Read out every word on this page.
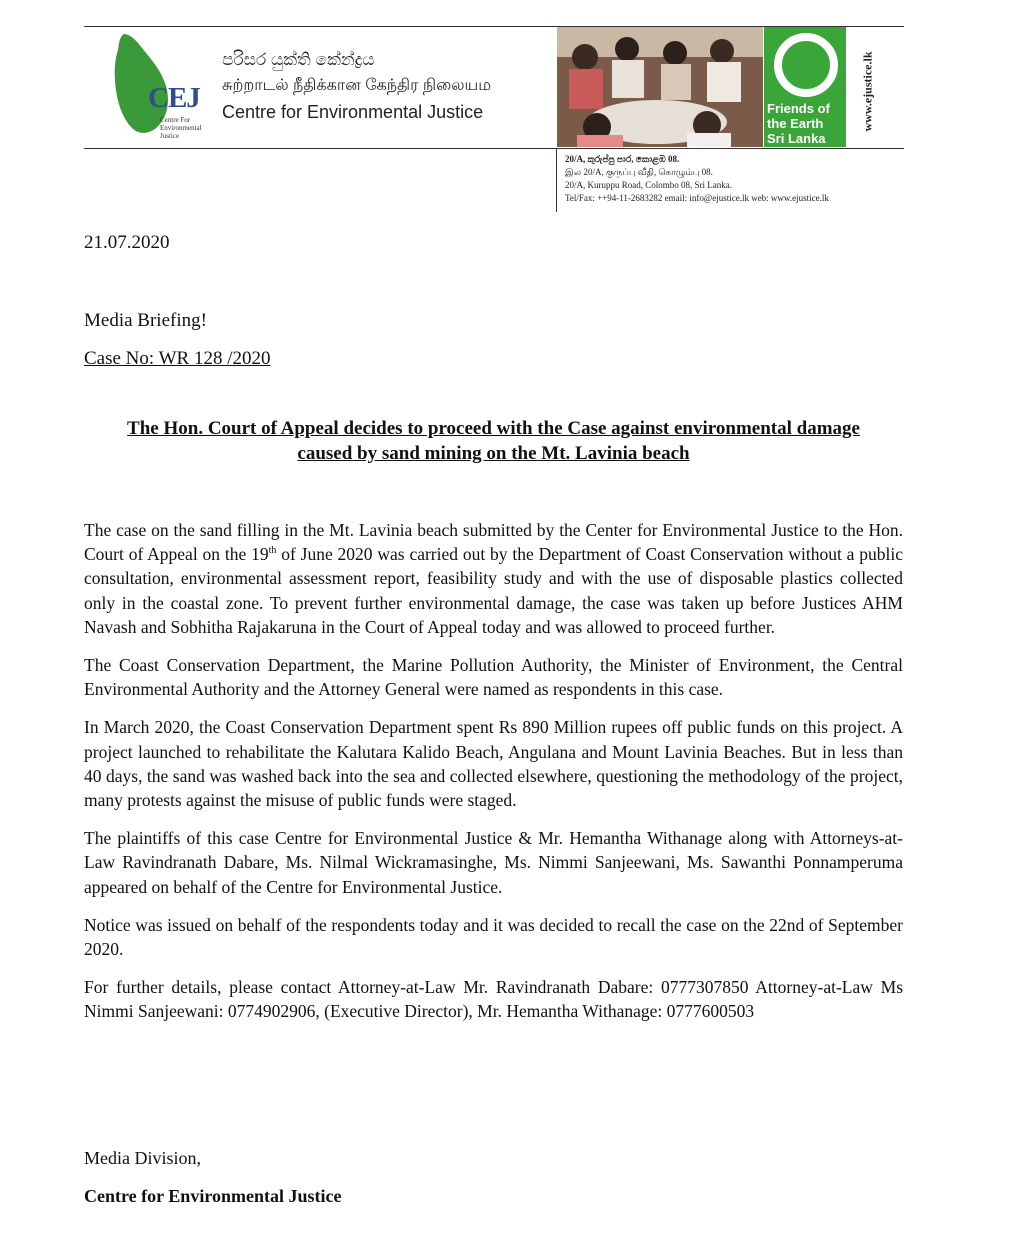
CEJ
Centre For Environmental Justice
පරිසර යුක්ති කේන්ද්‍රය
சுற்றாடல் நீதிக்கான கேந்திர நிலையம
Centre for Environmental Justice	Friends of
the Earth
Sri Lanka
www.ejustice.lk
20/A, කුරුප්පු පාර, කොළඹ 08.
இல 20/A, குருப்பு வீதி, கொழும்பு 08.
20/A, Kuruppu Road, Colombo 08, Sri Lanka.
Tel/Fax: ++94-11-2683282 email: info@ejustice.lk web: www.ejustice.lk
21.07.2020
Media Briefing!
Case No: WR 128 /2020
The Hon. Court of Appeal decides to proceed with the Case against environmental damage
caused by sand mining on the Mt. Lavinia beach

The case on the sand filling in the Mt. Lavinia beach submitted by the Center for Environmental Justice to the Hon. Court of Appeal on the 19th of June 2020 was carried out by the Department of Coast Conservation without a public consultation, environmental assessment report, feasibility study and with the use of disposable plastics collected only in the coastal zone. To prevent further environmental damage, the case was taken up before Justices AHM Navash and Sobhitha Rajakaruna in the Court of Appeal today and was allowed to proceed further.

The Coast Conservation Department, the Marine Pollution Authority, the Minister of Environment, the Central Environmental Authority and the Attorney General were named as respondents in this case.

In March 2020, the Coast Conservation Department spent Rs 890 Million rupees off public funds on this project. A project launched to rehabilitate the Kalutara Kalido Beach, Angulana and Mount Lavinia Beaches. But in less than 40 days, the sand was washed back into the sea and collected elsewhere, questioning the methodology of the project, many protests against the misuse of public funds were staged.

The plaintiffs of this case Centre for Environmental Justice & Mr. Hemantha Withanage along with Attorneys-at-Law Ravindranath Dabare, Ms. Nilmal Wickramasinghe, Ms. Nimmi Sanjeewani, Ms. Sawanthi Ponnamperuma appeared on behalf of the Centre for Environmental Justice.

Notice was issued on behalf of the respondents today and it was decided to recall the case on the 22nd of September 2020.

For further details, please contact Attorney-at-Law Mr. Ravindranath Dabare: 0777307850 Attorney-at-Law Ms Nimmi Sanjeewani: 0774902906, (Executive Director), Mr. Hemantha Withanage: 0777600503

Media Division,
Centre for Environmental Justice
